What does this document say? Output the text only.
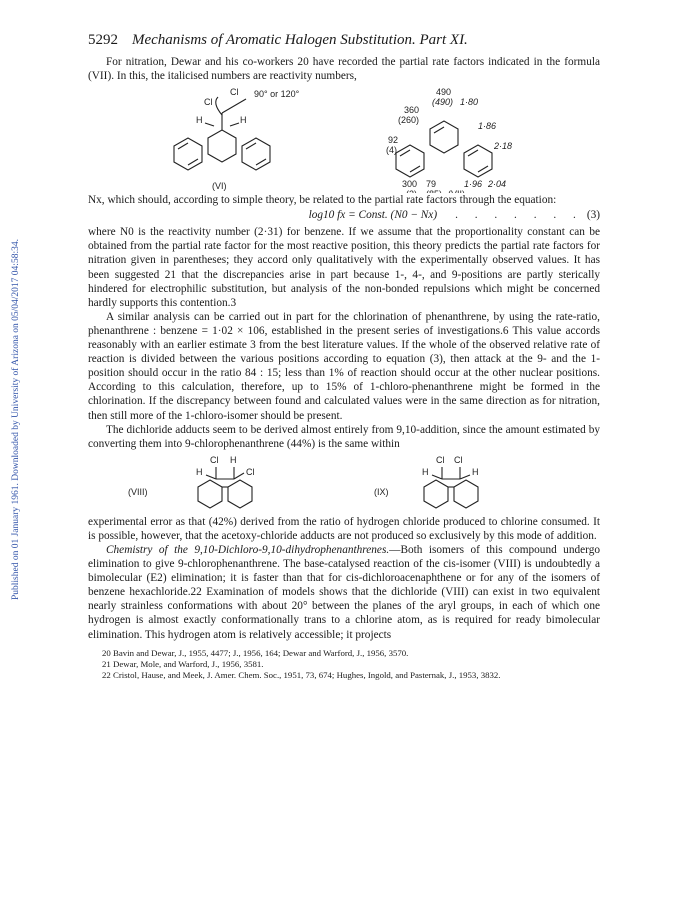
Published on 01 January 1961. Downloaded by University of Arizona on 05/04/2017 04:58:34.
5292 Mechanisms of Aromatic Halogen Substitution. Part XI.

For nitration, Dewar and his co-workers 20 have recorded the partial rate factors indicated in the formula (VII). In this, the italicised numbers are reactivity numbers,

Cl
Cl
H	H
90° or 120°
(VI)
490
(490) 1·80
360
(260)
1·86
92
(4)	2·18
300 79	1·96 2·04

Nx, which should, according to simple theory, be related to the partial rate factors through the equation:

log10 fx = Const. (N0 − Nx) . . . . . . . (3)

where N0 is the reactivity number (2·31) for benzene. If we assume that the proportionality constant can be obtained from the partial rate factor for the most reactive position, this theory predicts the partial rate factors for nitration given in parentheses; they accord only qualitatively with the experimentally observed values. It has been suggested 21 that the discrepancies arise in part because 1-, 4-, and 9-positions are partly sterically hindered for electrophilic substitution, but analysis of the non-bonded repulsions which might be concerned hardly supports this contention.3

A similar analysis can be carried out in part for the chlorination of phenanthrene, by using the rate-ratio, phenanthrene : benzene = 1·02 × 106, established in the present series of investigations.6 This value accords reasonably with an earlier estimate 3 from the best literature values. If the whole of the observed relative rate of reaction is divided between the various positions according to equation (3), then attack at the 9- and the 1-position should occur in the ratio 84 : 15; less than 1% of reaction should occur at the other nuclear positions. According to this calculation, therefore, up to 15% of 1-chloro-phenanthrene might be formed in the chlorination. If the discrepancy between found and calculated values were in the same direction as for nitration, then still more of the 1-chloro-isomer should be present.

The dichloride adducts seem to be derived almost entirely from 9,10-addition, since the amount estimated by converting them into 9-chlorophenanthrene (44%) is the same within

Cl H
H	Cl
(VIII)
Cl Cl
H	H
(IX)

experimental error as that (42%) derived from the ratio of hydrogen chloride produced to chlorine consumed. It is possible, however, that the acetoxy-chloride adducts are not produced so exclusively by this mode of addition.

Chemistry of the 9,10-Dichloro-9,10-dihydrophenanthrenes.—Both isomers of this compound undergo elimination to give 9-chlorophenanthrene. The base-catalysed reaction of the cis-isomer (VIII) is undoubtedly a bimolecular (E2) elimination; it is faster than that for cis-dichloroacenaphthene or for any of the isomers of benzene hexachloride.22 Examination of models shows that the dichloride (VIII) can exist in two equivalent nearly strainless conformations with about 20° between the planes of the aryl groups, in each of which one hydrogen is almost exactly conformationally trans to a chlorine atom, as is required for ready bimolecular elimination. This hydrogen atom is relatively accessible; it projects

20 Bavin and Dewar, J., 1955, 4477; J., 1956, 164; Dewar and Warford, J., 1956, 3570.
21 Dewar, Mole, and Warford, J., 1956, 3581.
22 Cristol, Hause, and Meek, J. Amer. Chem. Soc., 1951, 73, 674; Hughes, Ingold, and Pasternak, J., 1953, 3832.
